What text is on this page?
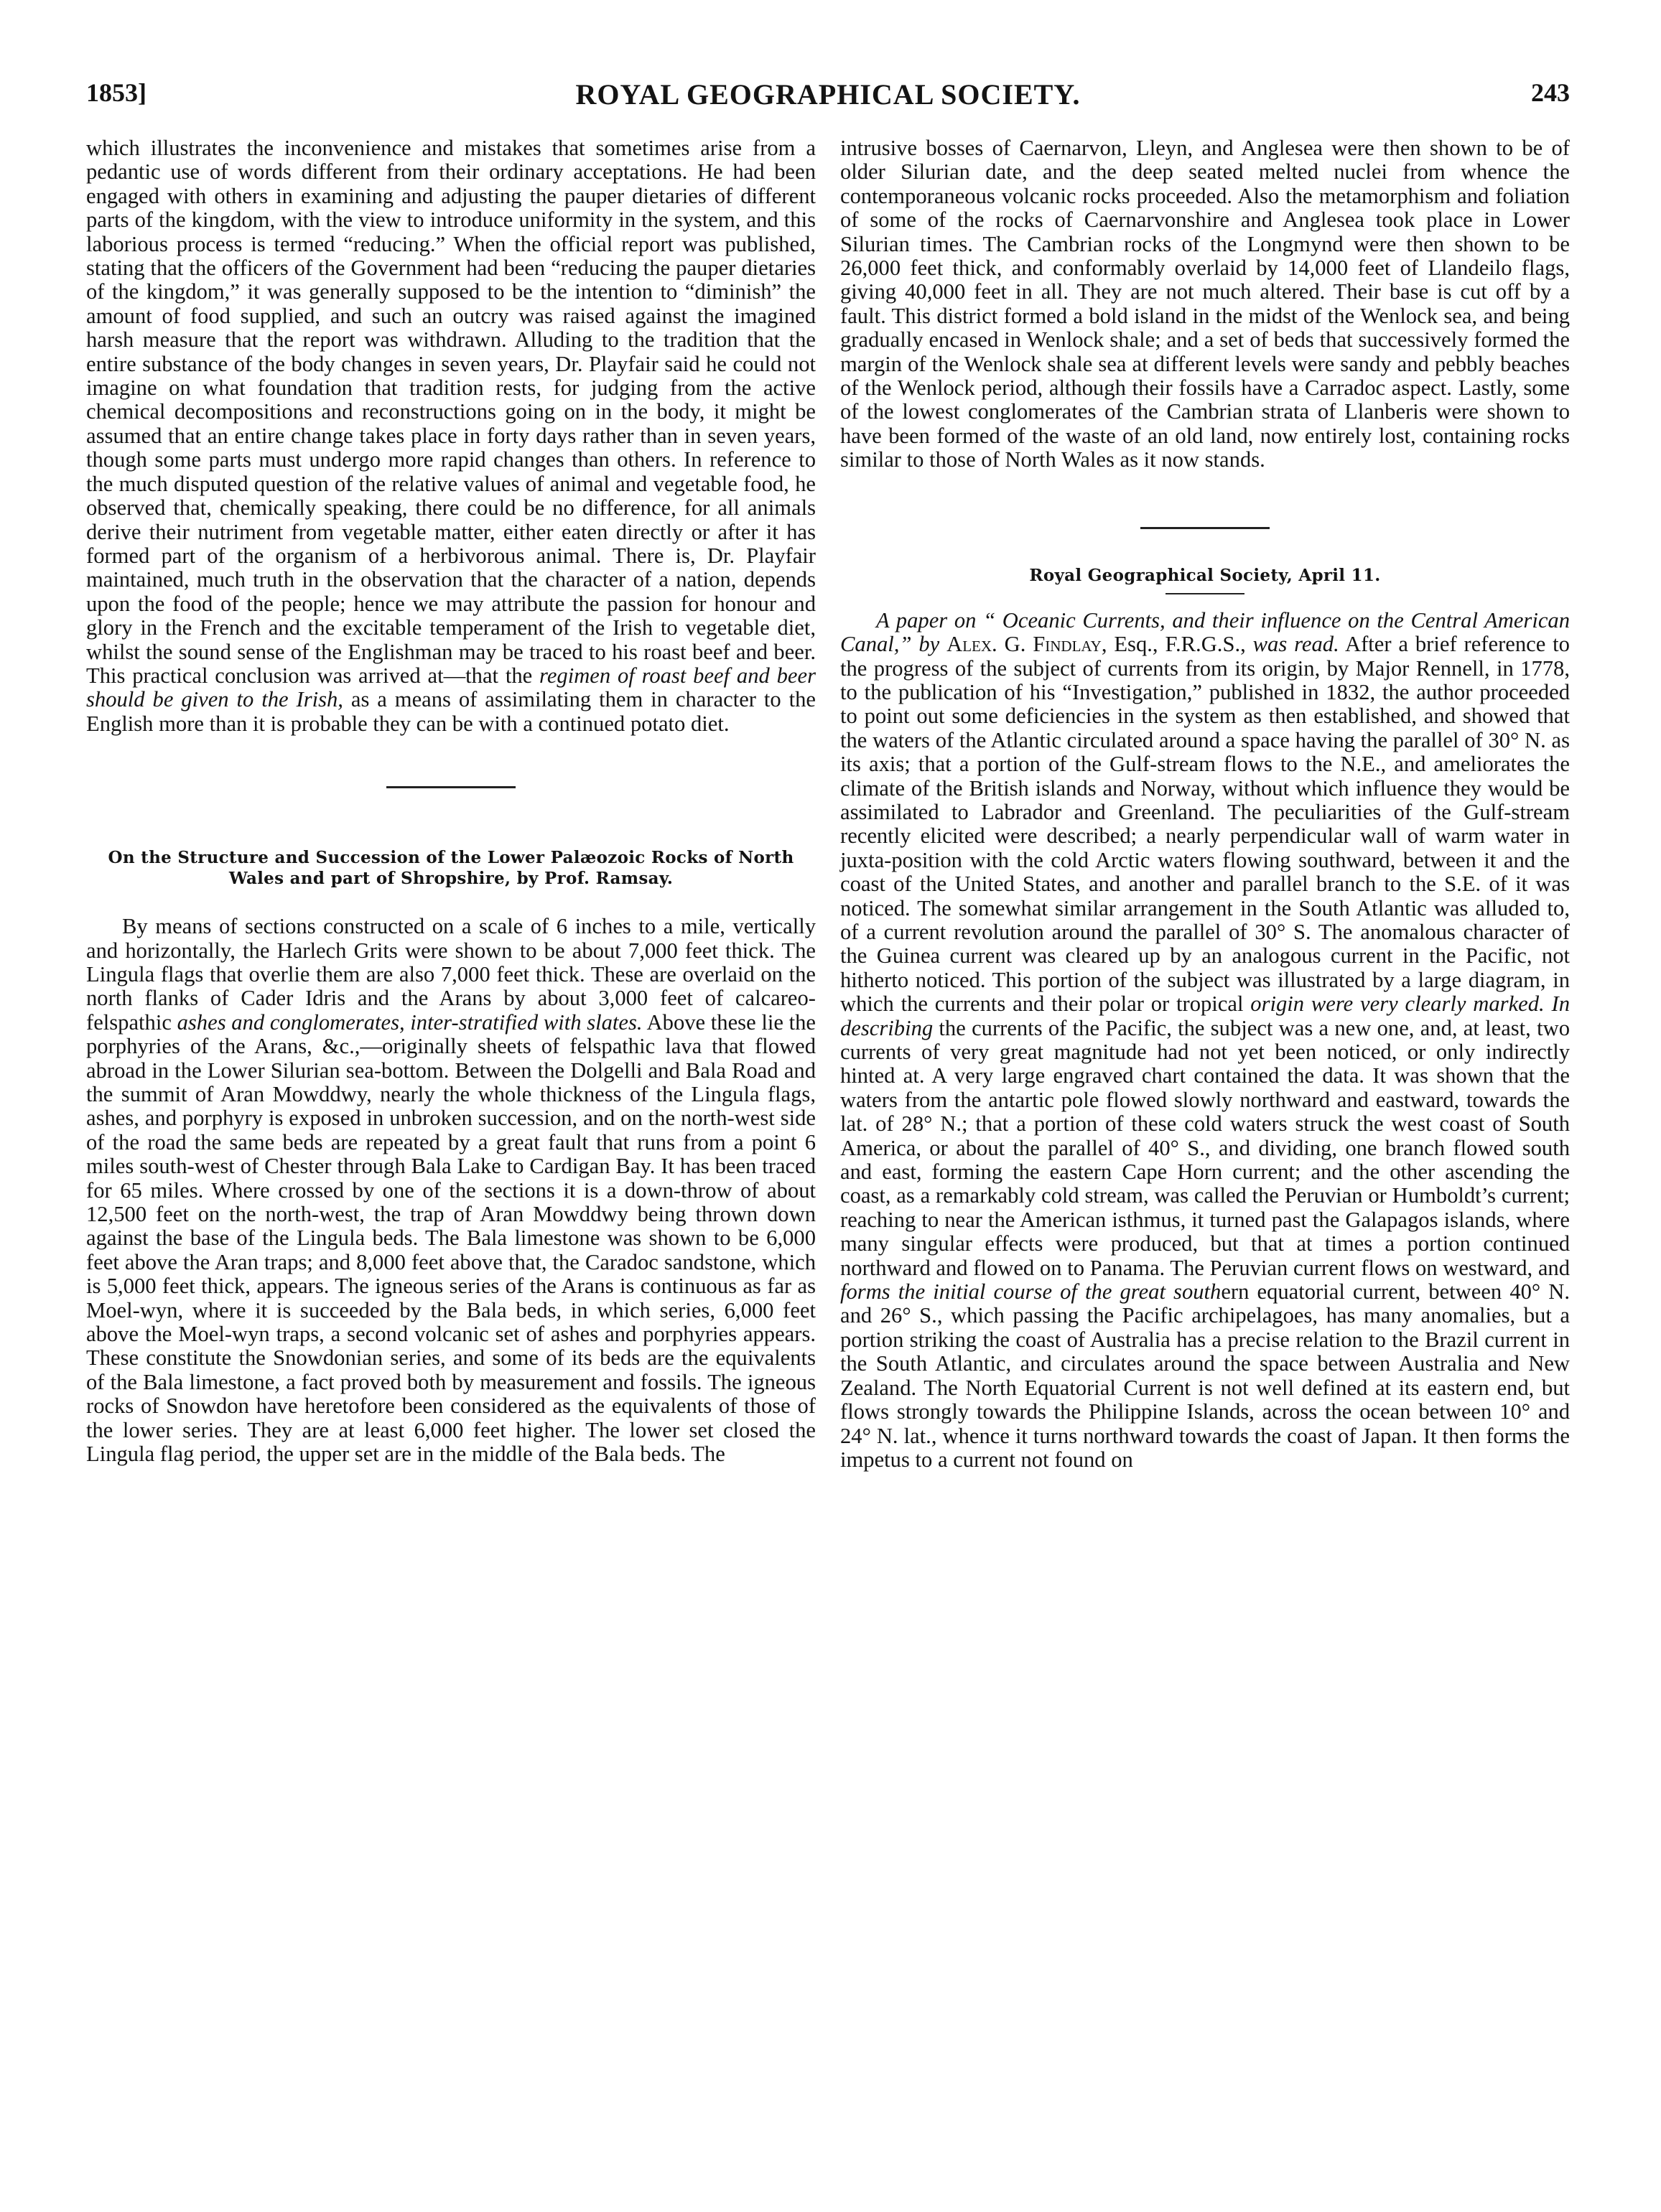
1853]	ROYAL GEOGRAPHICAL SOCIETY.	243

which illustrates the inconvenience and mistakes that sometimes arise from a pedantic use of words different from their ordinary acceptations. He had been engaged with others in examining and adjusting the pauper dietaries of different parts of the kingdom, with the view to introduce uniformity in the system, and this laborious process is termed “reducing.” When the official report was published, stating that the officers of the Government had been “reducing the pauper dietaries of the kingdom,” it was generally supposed to be the intention to “diminish” the amount of food supplied, and such an outcry was raised against the imagined harsh measure that the report was withdrawn. Alluding to the tradition that the entire substance of the body changes in seven years, Dr. Playfair said he could not imagine on what foundation that tradition rests, for judging from the active chemical decompositions and reconstructions going on in the body, it might be assumed that an entire change takes place in forty days rather than in seven years, though some parts must undergo more rapid changes than others. In reference to the much disputed question of the relative values of animal and vegetable food, he observed that, chemically speaking, there could be no difference, for all animals derive their nutriment from vegetable matter, either eaten directly or after it has formed part of the organism of a herbivorous animal. There is, Dr. Playfair maintained, much truth in the observation that the character of a nation, depends upon the food of the people; hence we may attribute the passion for honour and glory in the French and the excitable temperament of the Irish to vegetable diet, whilst the sound sense of the Englishman may be traced to his roast beef and beer. This practical conclusion was arrived at—that the regimen of roast beef and beer should be given to the Irish, as a means of assimilating them in character to the English more than it is probable they can be with a continued potato diet.

On the Structure and Succession of the Lower Palæozoic Rocks of North Wales and part of Shropshire, by Prof. Ramsay.

By means of sections constructed on a scale of 6 inches to a mile, vertically and horizontally, the Harlech Grits were shown to be about 7,000 feet thick. The Lingula flags that overlie them are also 7,000 feet thick. These are overlaid on the north flanks of Cader Idris and the Arans by about 3,000 feet of calcareo-felspathic ashes and conglomerates, inter-stratified with slates. Above these lie the porphyries of the Arans, &c.,—originally sheets of felspathic lava that flowed abroad in the Lower Silurian sea-bottom. Between the Dolgelli and Bala Road and the summit of Aran Mowddwy, nearly the whole thickness of the Lingula flags, ashes, and porphyry is exposed in unbroken succession, and on the north-west side of the road the same beds are repeated by a great fault that runs from a point 6 miles south-west of Chester through Bala Lake to Cardigan Bay. It has been traced for 65 miles. Where crossed by one of the sections it is a down-throw of about 12,500 feet on the north-west, the trap of Aran Mowddwy being thrown down against the base of the Lingula beds. The Bala limestone was shown to be 6,000 feet above the Aran traps; and 8,000 feet above that, the Caradoc sandstone, which is 5,000 feet thick, appears. The igneous series of the Arans is continuous as far as Moel-wyn, where it is succeeded by the Bala beds, in which series, 6,000 feet above the Moel-wyn traps, a second volcanic set of ashes and porphyries appears. These constitute the Snowdonian series, and some of its beds are the equivalents of the Bala limestone, a fact proved both by measurement and fossils. The igneous rocks of Snowdon have heretofore been considered as the equivalents of those of the lower series. They are at least 6,000 feet higher. The lower set closed the Lingula flag period, the upper set are in the middle of the Bala beds. The

intrusive bosses of Caernarvon, Lleyn, and Anglesea were then shown to be of older Silurian date, and the deep seated melted nuclei from whence the contemporaneous volcanic rocks proceeded. Also the metamorphism and foliation of some of the rocks of Caernarvonshire and Anglesea took place in Lower Silurian times. The Cambrian rocks of the Longmynd were then shown to be 26,000 feet thick, and conformably overlaid by 14,000 feet of Llandeilo flags, giving 40,000 feet in all. They are not much altered. Their base is cut off by a fault. This district formed a bold island in the midst of the Wenlock sea, and being gradually encased in Wenlock shale; and a set of beds that successively formed the margin of the Wenlock shale sea at different levels were sandy and pebbly beaches of the Wenlock period, although their fossils have a Carradoc aspect. Lastly, some of the lowest conglomerates of the Cambrian strata of Llanberis were shown to have been formed of the waste of an old land, now entirely lost, containing rocks similar to those of North Wales as it now stands.

Royal Geographical Society, April 11.

A paper on “ Oceanic Currents, and their influence on the Central American Canal,” by Alex. G. Findlay, Esq., F.R.G.S., was read. After a brief reference to the progress of the subject of currents from its origin, by Major Rennell, in 1778, to the publication of his “Investigation,” published in 1832, the author proceeded to point out some deficiencies in the system as then established, and showed that the waters of the Atlantic circulated around a space having the parallel of 30° N. as its axis; that a portion of the Gulf-stream flows to the N.E., and ameliorates the climate of the British islands and Norway, without which influence they would be assimilated to Labrador and Greenland. The peculiarities of the Gulf-stream recently elicited were described; a nearly perpendicular wall of warm water in juxta-position with the cold Arctic waters flowing southward, between it and the coast of the United States, and another and parallel branch to the S.E. of it was noticed. The somewhat similar arrangement in the South Atlantic was alluded to, of a current revolution around the parallel of 30° S. The anomalous character of the Guinea current was cleared up by an analogous current in the Pacific, not hitherto noticed. This portion of the subject was illustrated by a large diagram, in which the currents and their polar or tropical origin were very clearly marked. In describing the currents of the Pacific, the subject was a new one, and, at least, two currents of very great magnitude had not yet been noticed, or only indirectly hinted at. A very large engraved chart contained the data. It was shown that the waters from the antartic pole flowed slowly northward and eastward, towards the lat. of 28° N.; that a portion of these cold waters struck the west coast of South America, or about the parallel of 40° S., and dividing, one branch flowed south and east, forming the eastern Cape Horn current; and the other ascending the coast, as a remarkably cold stream, was called the Peruvian or Humboldt’s current; reaching to near the American isthmus, it turned past the Galapagos islands, where many singular effects were produced, but that at times a portion continued northward and flowed on to Panama. The Peruvian current flows on westward, and forms the initial course of the great southern equatorial current, between 40° N. and 26° S., which passing the Pacific archipelagoes, has many anomalies, but a portion striking the coast of Australia has a precise relation to the Brazil current in the South Atlantic, and circulates around the space between Australia and New Zealand. The North Equatorial Current is not well defined at its eastern end, but flows strongly towards the Philippine Islands, across the ocean between 10° and 24° N. lat., whence it turns northward towards the coast of Japan. It then forms the impetus to a current not found on
